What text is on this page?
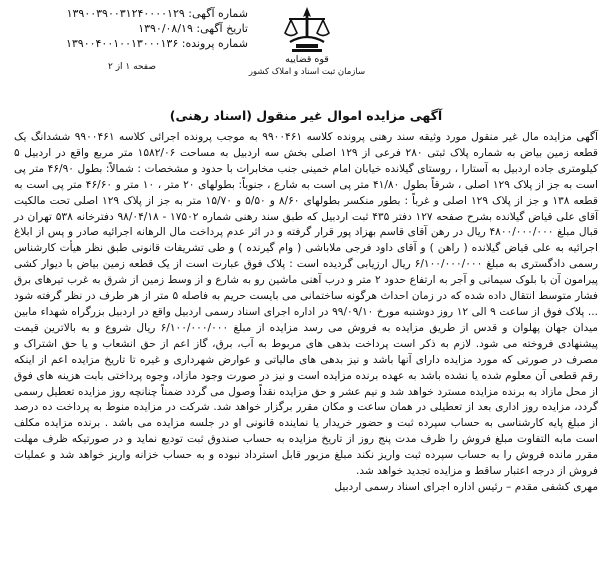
شماره آگهی: ۱۳۹۰۰۳۹۰۰۳۱۲۴۰۰۰۰۱۲۹
تاریخ آگهی: ۱۳۹۰/۰۸/۱۹
شماره پرونده: ۱۳۹۰۰۴۰۰۱۰۰۱۳۰۰۰۱۳۶
قوه قضاییه
سازمان ثبت اسناد و املاک کشور
صفحه ۱ از ۲
آگهی مزایده اموال غیر منقول (اسناد رهنی)

آگهی مزایده مال غیر منقول مورد وثیقه سند رهنی پرونده کلاسه ۹۹۰۰۴۶۱ به موجب پرونده اجرائی کلاسه ۹۹۰۰۴۶۱ ششدانگ یک قطعه زمین بیاض به شماره پلاک ثبتی ۲۸۰ فرعی از ۱۲۹ اصلی بخش سه اردبیل به مساحت ۱۵۸۲/۰۶ متر مربع واقع در اردبیل ۵ کیلومتری جاده اردبیل به آستارا ، روستای گیلانده خیابان امام خمینی جنب مخابرات با حدود و مشخصات : شمالاً: بطول ۴۶/۹۰ متر پی است به جز از پلاک ۱۲۹ اصلی ، شرقاً بطول ۴۱/۸۰ متر پی است به شارع ، جنوباً: بطولهای ۲۰ متر ، ۱۰ متر و ۴۶/۶۰ متر پی است به قطعه ۱۳۸ و جز از پلاک ۱۲۹ اصلی و غرباً : بطور منکسر بطولهای ۸/۶۰ و ۵/۵۰ و ۱۵/۷۰ متر به جز از پلاک ۱۲۹ اصلی تحت مالکیت آقای علی قیاض گیلانده بشرح صفحه ۱۲۷ دفتر ۴۳۵ ثبت اردبیل که طبق سند رهنی شماره ۱۷۵۰۲ - ۹۸/۰۴/۱۸ دفترخانه ۵۳۸ تهران در قبال مبلغ ۴۸۰۰/۰۰۰/۰۰۰ ریال در رهن آقای قاسم بهزاد پور قرار گرفته و در اثر عدم پرداخت مال الرهانه اجرائیه صادر و پس از ابلاغ اجرائیه به علی قیاض گیلانده ( راهن ) و آقای داود فرجی ملاباشی ( وام گیرنده ) و طی تشریفات قانونی طبق نظر هیأت کارشناس رسمی دادگستری به مبلغ ۶/۱۰۰/۰۰۰/۰۰۰ ریال ارزیابی گردیده است : پلاک فوق عبارت است از یک قطعه زمین بیاض با دیوار کشی پیرامون آن با بلوک سیمانی و آجر به ارتفاع حدود ۲ متر و درب آهنی ماشین رو به شارع و از وسط زمین از شرق به غرب تیرهای برق فشار متوسط انتقال داده شده که در زمان احداث هرگونه ساختمانی می بایست حریم به فاصله ۵ متر از هر طرف در نظر گرفته شود ... پلاک فوق از ساعت ۹ الی ۱۲ روز دوشنبه مورخ ۹۹/۰۹/۱۰ در اداره اجرای اسناد رسمی اردبیل واقع در اردبیل بزرگراه شهداء مابین میدان جهان پهلوان و قدس از طریق مزایده به فروش می رسد مزایده از مبلغ ۶/۱۰۰/۰۰۰/۰۰۰ ریال شروع و به بالاترین قیمت پیشنهادی فروخته می شود. لازم به ذکر است پرداخت بدهی های مربوط به آب، برق، گاز اعم از حق انشعاب و یا حق اشتراک و مصرف در صورتی که مورد مزایده دارای آنها باشد و نیز بدهی های مالیاتی و عوارض شهرداری و غیره تا تاریخ مزایده اعم از اینکه رقم قطعی آن معلوم شده یا نشده باشد به عهده برنده مزایده است و نیز در صورت وجود مازاد، وجوه پرداختی بابت هزینه های فوق از محل مازاد به برنده مزایده مسترد خواهد شد و نیم عشر و حق مزایده نقداً وصول می گردد ضمناً چنانچه روز مزایده تعطیل رسمی گردد، مزایده روز اداری بعد از تعطیلی در همان ساعت و مکان مقرر برگزار خواهد شد. شرکت در مزایده منوط به پرداخت ده درصد از مبلغ پایه کارشناسی به حساب سپرده ثبت و حضور خریدار یا نماینده قانونی او در جلسه مزایده می باشد . برنده مزایده مکلف است مابه التفاوت مبلغ فروش را ظرف مدت پنج روز از تاریخ مزایده به حساب صندوق ثبت تودیع نماید و در صورتیکه ظرف مهلت مقرر مانده فروش را به حساب سپرده ثبت واریز نکند مبلغ مزبور قابل استرداد نبوده و به حساب خزانه واریز خواهد شد و عملیات فروش از درجه اعتبار ساقط و مزایده تجدید خواهد شد.

مهری کشفی مقدم – رئیس اداره اجرای اسناد رسمی اردبیل
